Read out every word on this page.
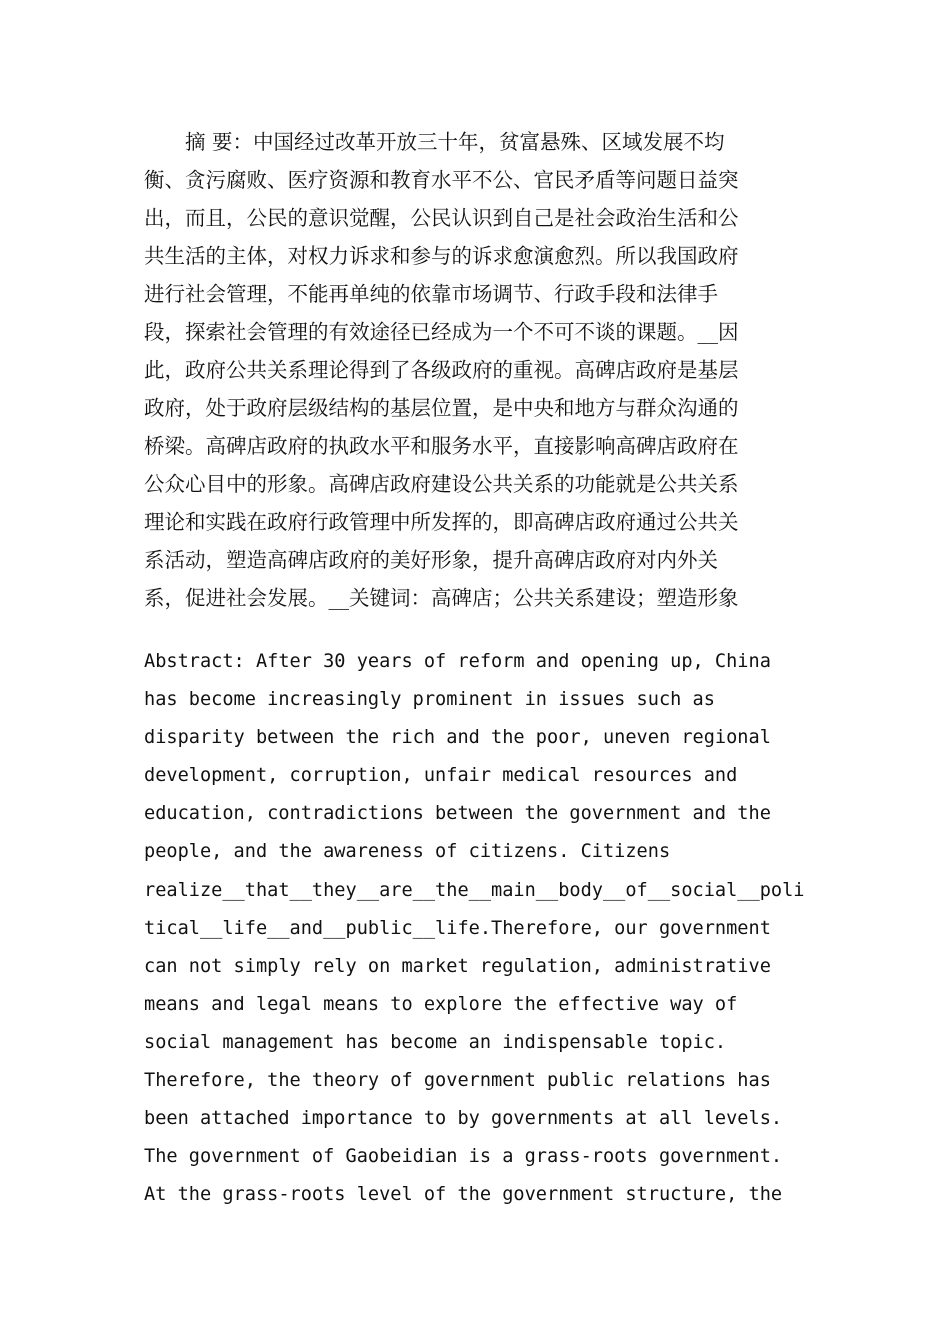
　　摘 要：中国经过改革开放三十年，贫富悬殊、区域发展不均
衡、贪污腐败、医疗资源和教育水平不公、官民矛盾等问题日益突
出，而且，公民的意识觉醒，公民认识到自己是社会政治生活和公
共生活的主体，对权力诉求和参与的诉求愈演愈烈。所以我国政府
进行社会管理，不能再单纯的依靠市场调节、行政手段和法律手
段，探索社会管理的有效途径已经成为一个不可不谈的课题。__因
此，政府公共关系理论得到了各级政府的重视。高碑店政府是基层
政府，处于政府层级结构的基层位置，是中央和地方与群众沟通的
桥梁。高碑店政府的执政水平和服务水平，直接影响高碑店政府在
公众心目中的形象。高碑店政府建设公共关系的功能就是公共关系
理论和实践在政府行政管理中所发挥的，即高碑店政府通过公共关
系活动，塑造高碑店政府的美好形象，提升高碑店政府对内外关
系，促进社会发展。__关键词：高碑店；公共关系建设；塑造形象
Abstract: After 30 years of reform and opening up, China
has become increasingly prominent in issues such as
disparity between the rich and the poor, uneven regional
development, corruption, unfair medical resources and
education, contradictions between the government and the
people, and the awareness of citizens. Citizens
realize__that__they__are__the__main__body__of__social__poli
tical__life__and__public__life.Therefore, our government
can not simply rely on market regulation, administrative
means and legal means to explore the effective way of
social management has become an indispensable topic.
Therefore, the theory of government public relations has
been attached importance to by governments at all levels.
The government of Gaobeidian is a grass-roots government.
At the grass-roots level of the government structure, the
